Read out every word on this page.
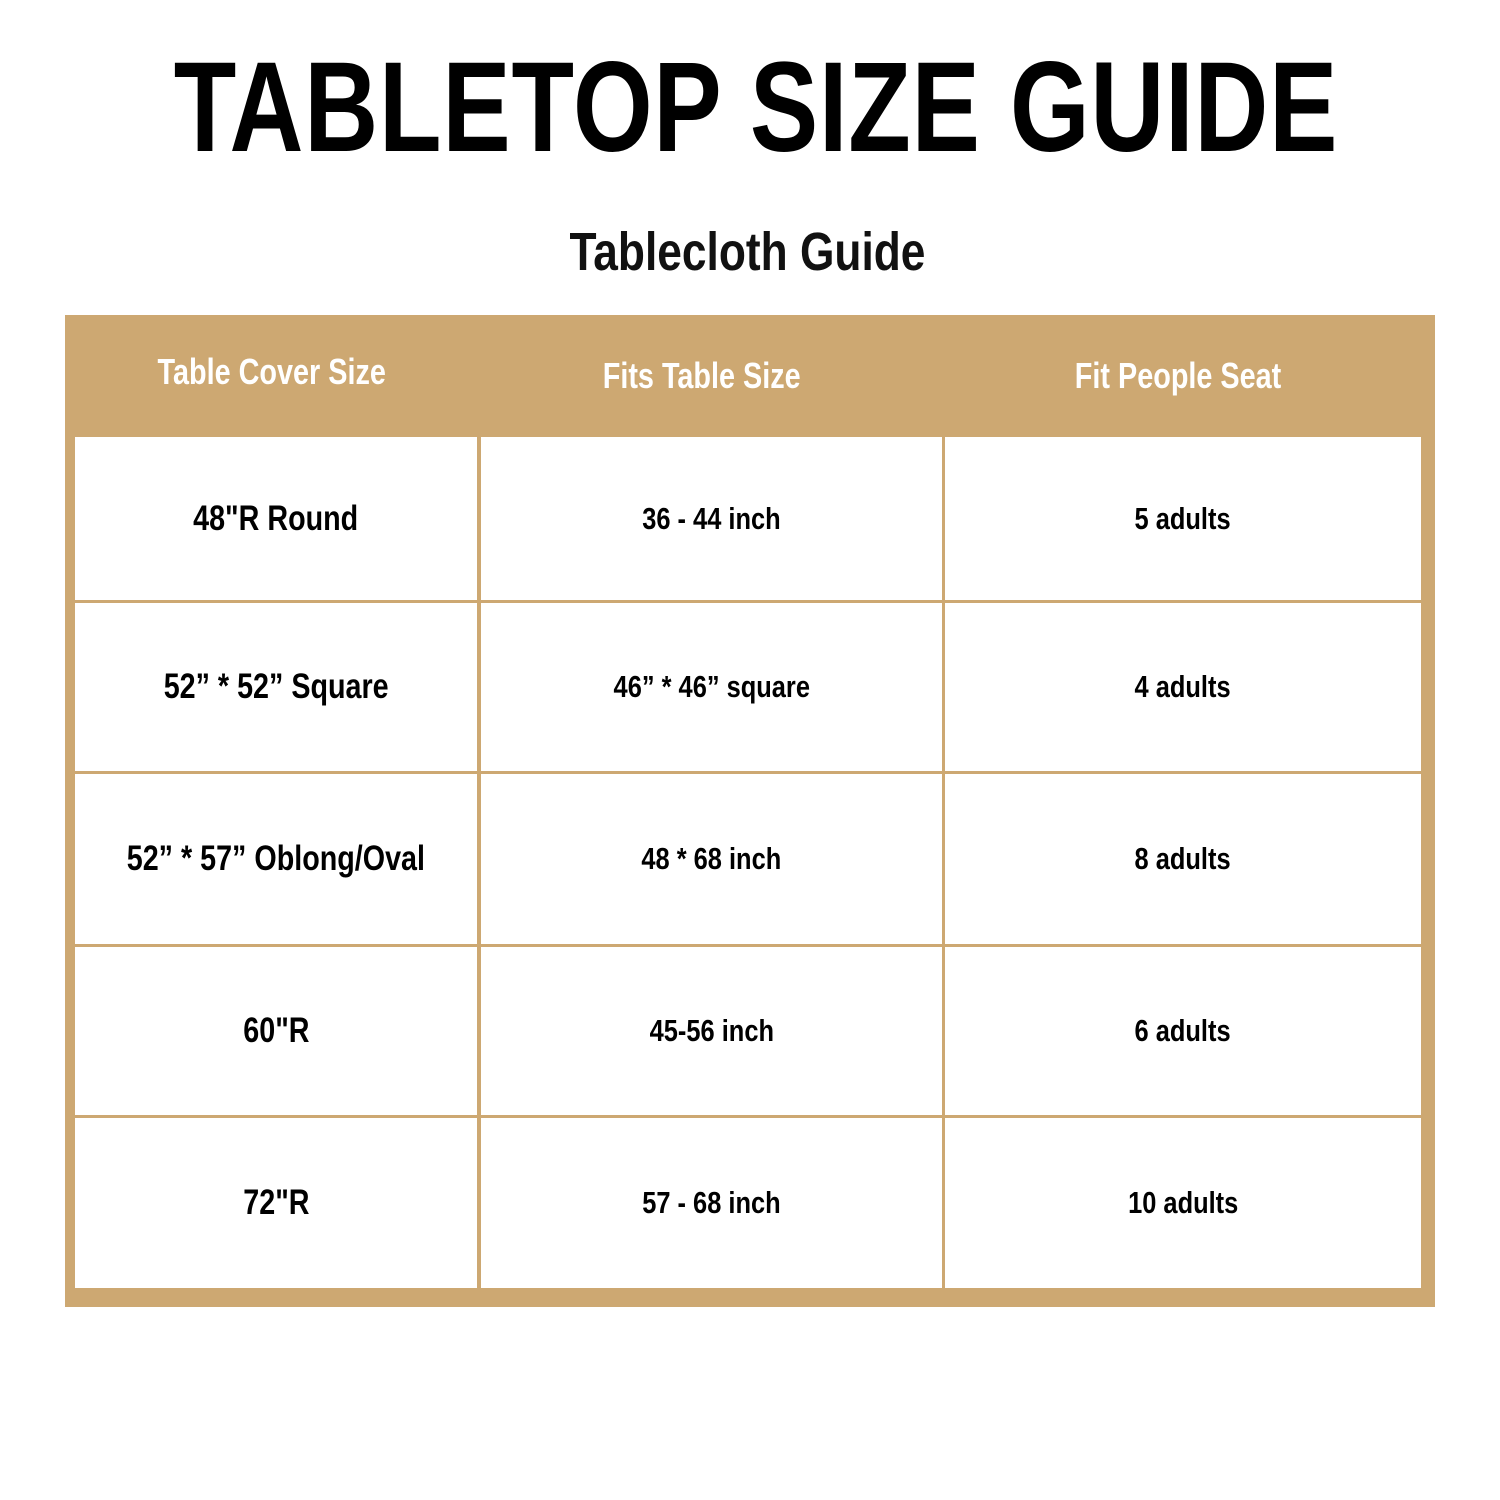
TABLETOP SIZE GUIDE
Tablecloth Guide
Table Cover Size	Fits Table Size	Fit People Seat
48"R Round	36 - 44 inch	5 adults
52” * 52” Square	46” * 46” square	4 adults
52” * 57” Oblong/Oval	48 * 68 inch	8 adults
60"R	45-56 inch	6 adults
72"R	57 - 68 inch	10 adults
